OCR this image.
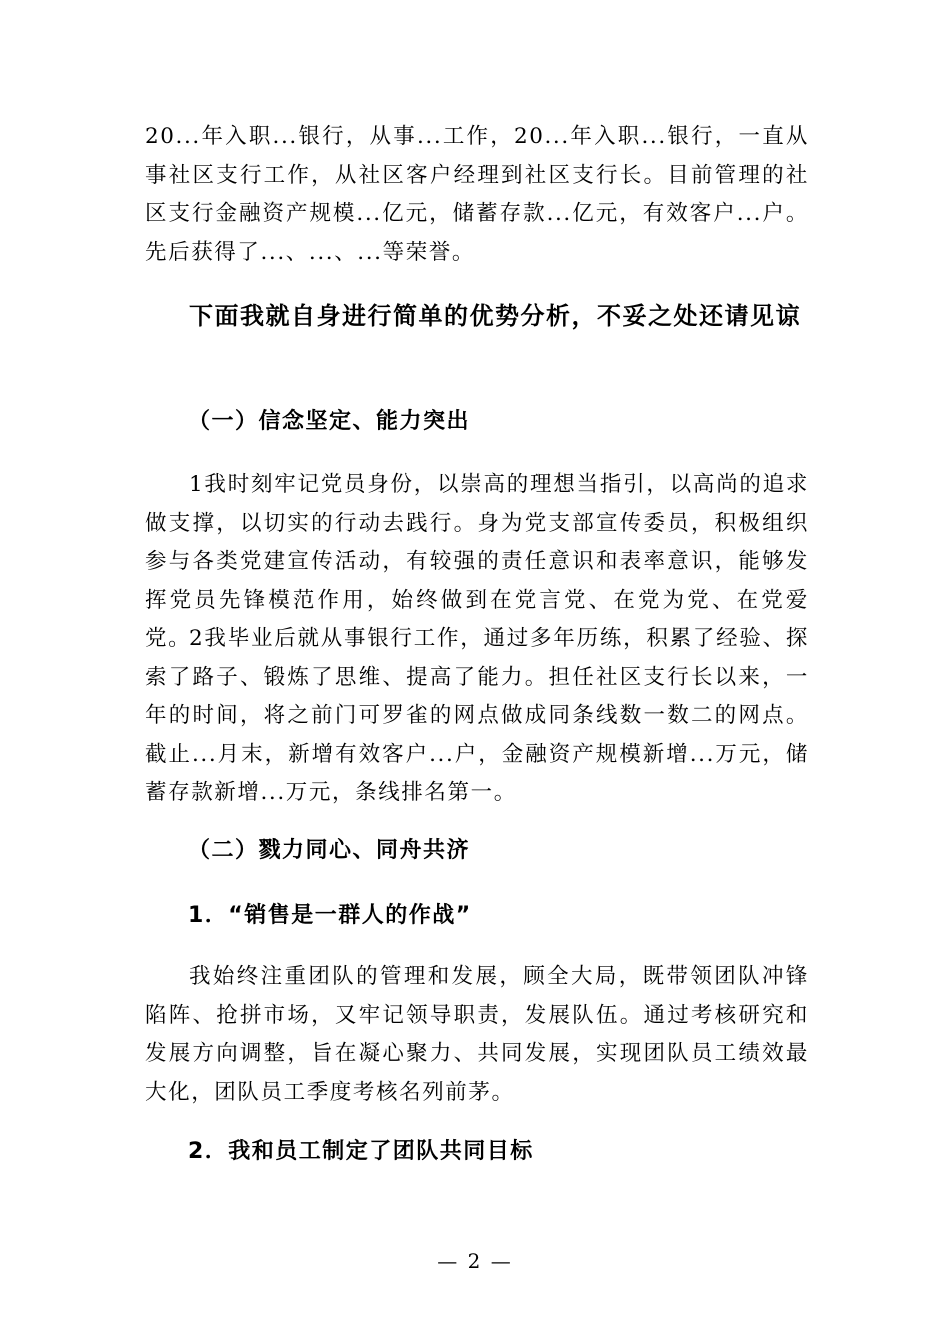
20...年入职...银行，从事...工作，20...年入职...银行，一直从事社区支行工作，从社区客户经理到社区支行长。目前管理的社区支行金融资产规模...亿元，储蓄存款...亿元，有效客户...户。先后获得了...、...、...等荣誉。

下面我就自身进行简单的优势分析，不妥之处还请见谅

（一）信念坚定、能力突出

1我时刻牢记党员身份，以崇高的理想当指引，以高尚的追求做支撑，以切实的行动去践行。身为党支部宣传委员，积极组织参与各类党建宣传活动，有较强的责任意识和表率意识，能够发挥党员先锋模范作用，始终做到在党言党、在党为党、在党爱党。

2我毕业后就从事银行工作，通过多年历练，积累了经验、探索了路子、锻炼了思维、提高了能力。担任社区支行长以来，一年的时间，将之前门可罗雀的网点做成同条线数一数二的网点。截止...月末，新增有效客户...户，金融资产规模新增...万元，储蓄存款新增...万元，条线排名第一。

（二）戮力同心、同舟共济

1．“销售是一群人的作战”

我始终注重团队的管理和发展，顾全大局，既带领团队冲锋陷阵、抢拼市场，又牢记领导职责，发展队伍。通过考核研究和发展方向调整，旨在凝心聚力、共同发展，实现团队员工绩效最大化，团队员工季度考核名列前茅。

2．我和员工制定了团队共同目标

— 2 —
